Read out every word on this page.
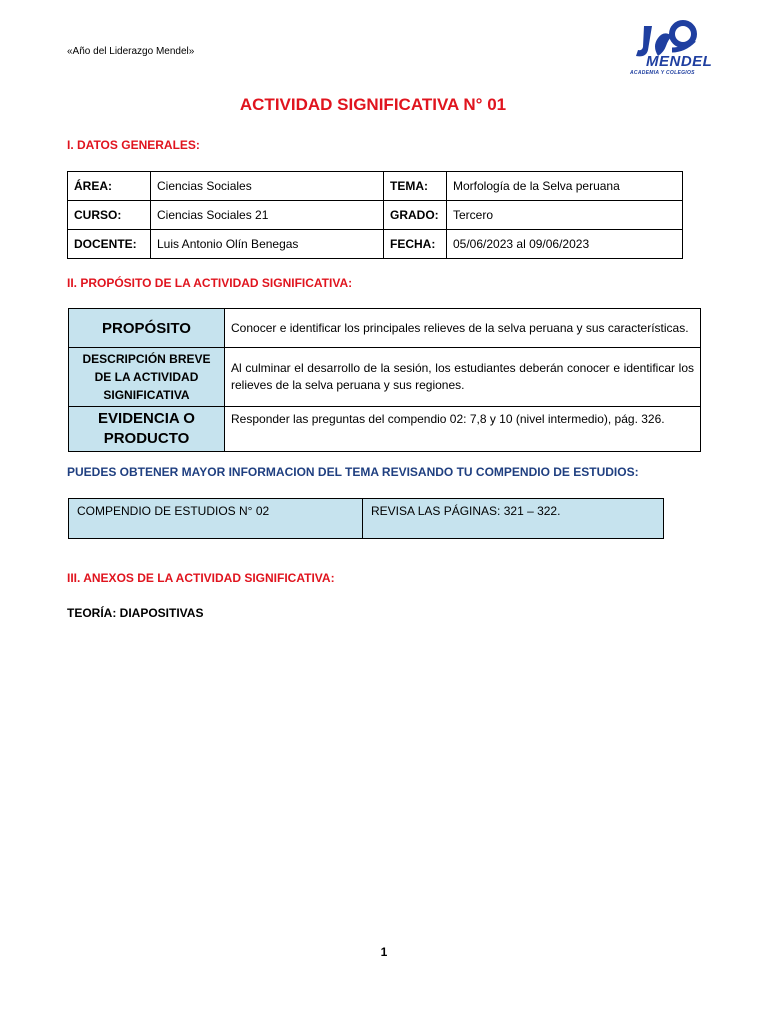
«Año del Liderazgo Mendel»
MENDEL
ACADEMIA Y COLEGIOS
ACTIVIDAD SIGNIFICATIVA N° 01
I. DATOS GENERALES:
ÁREA:	Ciencias Sociales	TEMA:	Morfología de la Selva peruana
CURSO:	Ciencias Sociales 21	GRADO:	Tercero
DOCENTE:	Luis Antonio Olín Benegas	FECHA:	05/06/2023 al 09/06/2023
II. PROPÓSITO DE LA ACTIVIDAD SIGNIFICATIVA:
PROPÓSITO	Conocer e identificar los principales relieves de la selva peruana y sus características.
DESCRIPCIÓN BREVE DE LA ACTIVIDAD SIGNIFICATIVA	Al culminar el desarrollo de la sesión, los estudiantes deberán conocer e identificar los relieves de la selva peruana y sus regiones.
EVIDENCIA O PRODUCTO	Responder las preguntas del compendio 02: 7,8 y 10 (nivel intermedio), pág. 326.
PUEDES OBTENER MAYOR INFORMACION DEL TEMA REVISANDO TU COMPENDIO DE ESTUDIOS:
COMPENDIO DE ESTUDIOS N° 02	REVISA LAS PÁGINAS: 321 – 322.
III. ANEXOS DE LA ACTIVIDAD SIGNIFICATIVA:
TEORÍA: DIAPOSITIVAS
1
